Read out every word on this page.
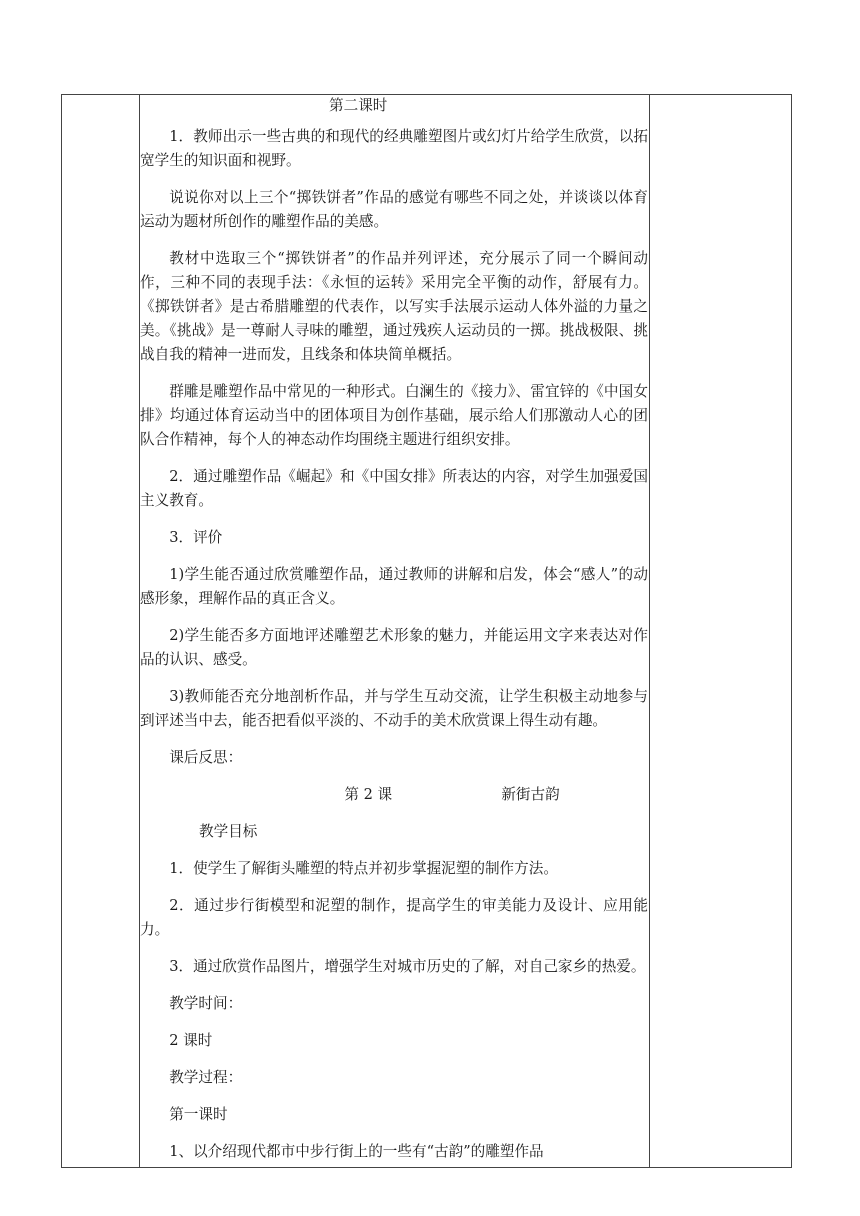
第二课时

1．教师出示一些古典的和现代的经典雕塑图片或幻灯片给学生欣赏，以拓宽学生的知识面和视野。

说说你对以上三个“掷铁饼者”作品的感觉有哪些不同之处，并谈谈以体育运动为题材所创作的雕塑作品的美感。

教材中选取三个“掷铁饼者”的作品并列评述，充分展示了同一个瞬间动作，三种不同的表现手法：《永恒的运转》采用完全平衡的动作，舒展有力。《掷铁饼者》是古希腊雕塑的代表作，以写实手法展示运动人体外溢的力量之美。《挑战》是一尊耐人寻味的雕塑，通过残疾人运动员的一掷。挑战极限、挑战自我的精神一进而发，且线条和体块简单概括。

群雕是雕塑作品中常见的一种形式。白澜生的《接力》、雷宜锌的《中国女排》均通过体育运动当中的团体项目为创作基础，展示给人们那激动人心的团队合作精神，每个人的神态动作均围绕主题进行组织安排。

2．通过雕塑作品《崛起》和《中国女排》所表达的内容，对学生加强爱国主义教育。

3．评价

1)学生能否通过欣赏雕塑作品，通过教师的讲解和启发，体会“感人”的动感形象，理解作品的真正含义。

2)学生能否多方面地评述雕塑艺术形象的魅力，并能运用文字来表达对作品的认识、感受。

3)教师能否充分地剖析作品，并与学生互动交流，让学生积极主动地参与到评述当中去，能否把看似平淡的、不动手的美术欣赏课上得生动有趣。

课后反思：

第 2 课	新街古韵

教学目标

1．使学生了解街头雕塑的特点并初步掌握泥塑的制作方法。

2．通过步行街模型和泥塑的制作，提高学生的审美能力及设计、应用能力。

3．通过欣赏作品图片，增强学生对城市历史的了解，对自己家乡的热爱。

教学时间：

2 课时

教学过程：

第一课时

1、以介绍现代都市中步行街上的一些有“古韵”的雕塑作品
